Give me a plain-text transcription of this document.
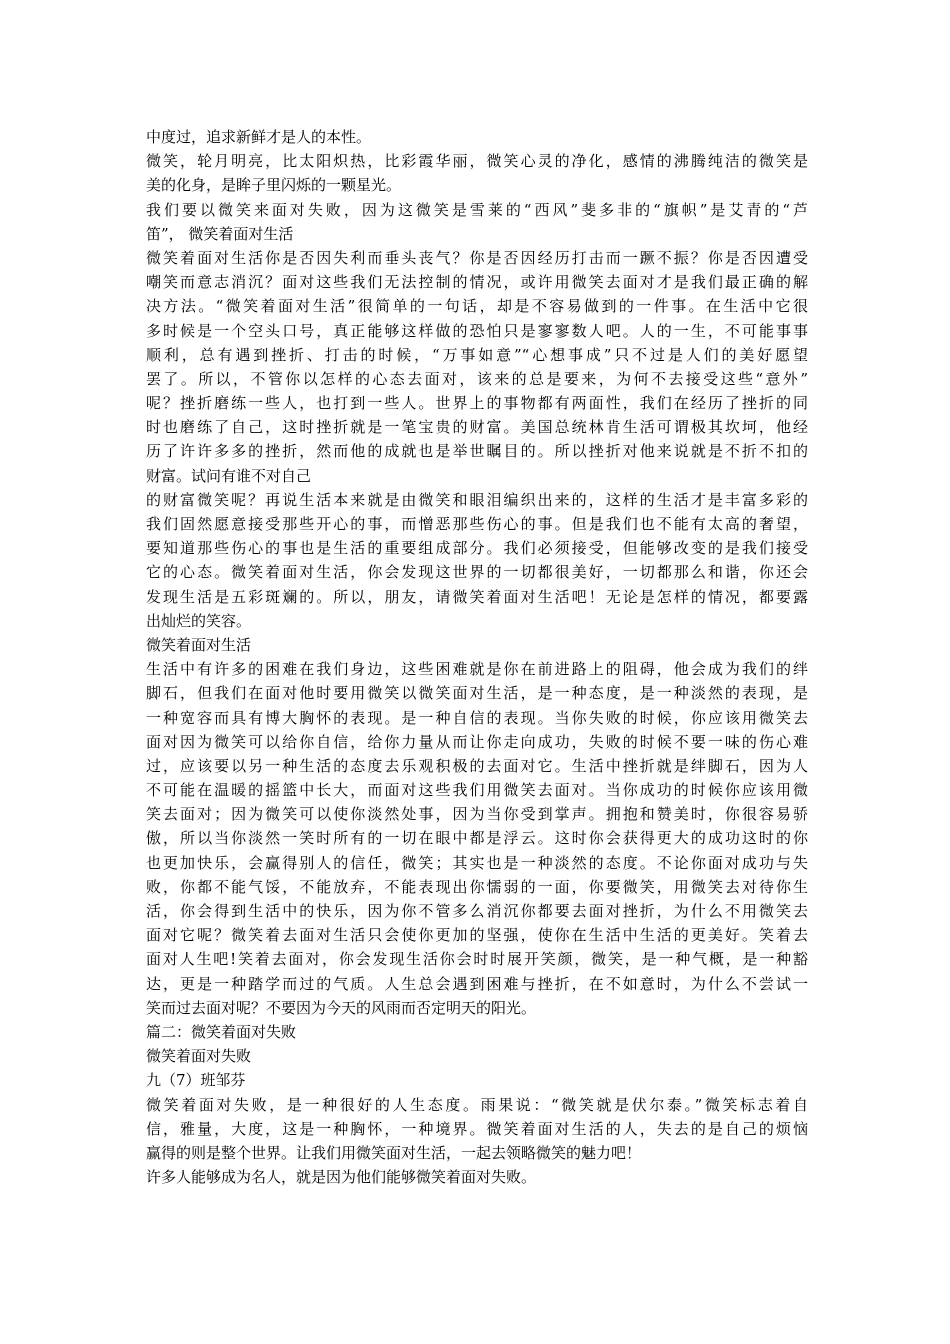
中度过，追求新鲜才是人的本性。
微笑，轮月明亮，比太阳炽热，比彩霞华丽，微笑心灵的净化，感情的沸腾纯洁的微笑是
美的化身，是眸子里闪烁的一颗星光。
我们要以微笑来面对失败，因为这微笑是雪莱的“西风”斐多非的“旗帜”是艾青的“芦
笛”， 微笑着面对生活
微笑着面对生活你是否因失利而垂头丧气？你是否因经历打击而一蹶不振？你是否因遭受
嘲笑而意志消沉？面对这些我们无法控制的情况，或许用微笑去面对才是我们最正确的解
决方法。“微笑着面对生活”很简单的一句话，却是不容易做到的一件事。在生活中它很
多时候是一个空头口号，真正能够这样做的恐怕只是寥寥数人吧。人的一生，不可能事事
顺利，总有遇到挫折、打击的时候，“万事如意”“心想事成”只不过是人们的美好愿望
罢了。所以，不管你以怎样的心态去面对，该来的总是要来，为何不去接受这些“意外”
呢？挫折磨练一些人，也打到一些人。世界上的事物都有两面性，我们在经历了挫折的同
时也磨练了自己，这时挫折就是一笔宝贵的财富。美国总统林肯生活可谓极其坎坷，他经
历了许许多多的挫折，然而他的成就也是举世瞩目的。所以挫折对他来说就是不折不扣的
财富。试问有谁不对自己
的财富微笑呢？再说生活本来就是由微笑和眼泪编织出来的，这样的生活才是丰富多彩的
我们固然愿意接受那些开心的事，而憎恶那些伤心的事。但是我们也不能有太高的奢望，
要知道那些伤心的事也是生活的重要组成部分。我们必须接受，但能够改变的是我们接受
它的心态。微笑着面对生活，你会发现这世界的一切都很美好，一切都那么和谐，你还会
发现生活是五彩斑斓的。所以，朋友，请微笑着面对生活吧！无论是怎样的情况，都要露
出灿烂的笑容。
微笑着面对生活
生活中有许多的困难在我们身边，这些困难就是你在前进路上的阻碍，他会成为我们的绊
脚石，但我们在面对他时要用微笑以微笑面对生活，是一种态度，是一种淡然的表现，是
一种宽容而具有博大胸怀的表现。是一种自信的表现。当你失败的时候，你应该用微笑去
面对因为微笑可以给你自信，给你力量从而让你走向成功，失败的时候不要一味的伤心难
过，应该要以另一种生活的态度去乐观积极的去面对它。生活中挫折就是绊脚石，因为人
不可能在温暖的摇篮中长大，而面对这些我们用微笑去面对。当你成功的时候你应该用微
笑去面对；因为微笑可以使你淡然处事，因为当你受到掌声。拥抱和赞美时，你很容易骄
傲，所以当你淡然一笑时所有的一切在眼中都是浮云。这时你会获得更大的成功这时的你
也更加快乐，会赢得别人的信任，微笑；其实也是一种淡然的态度。不论你面对成功与失
败，你都不能气馁，不能放弃，不能表现出你懦弱的一面，你要微笑，用微笑去对待你生
活，你会得到生活中的快乐，因为你不管多么消沉你都要去面对挫折，为什么不用微笑去
面对它呢？微笑着去面对生活只会使你更加的坚强，使你在生活中生活的更美好。笑着去
面对人生吧!笑着去面对，你会发现生活你会时时展开笑颜，微笑，是一种气概，是一种豁
达，更是一种踏学而过的气质。人生总会遇到困难与挫折，在不如意时，为什么不尝试一
笑而过去面对呢？不要因为今天的风雨而否定明天的阳光。
篇二：微笑着面对失败
微笑着面对失败
九（7）班邹芬
微笑着面对失败，是一种很好的人生态度。雨果说：“微笑就是伏尔泰。”微笑标志着自
信，雅量，大度，这是一种胸怀，一种境界。微笑着面对生活的人，失去的是自己的烦恼
赢得的则是整个世界。让我们用微笑面对生活，一起去领略微笑的魅力吧！
许多人能够成为名人，就是因为他们能够微笑着面对失败。
